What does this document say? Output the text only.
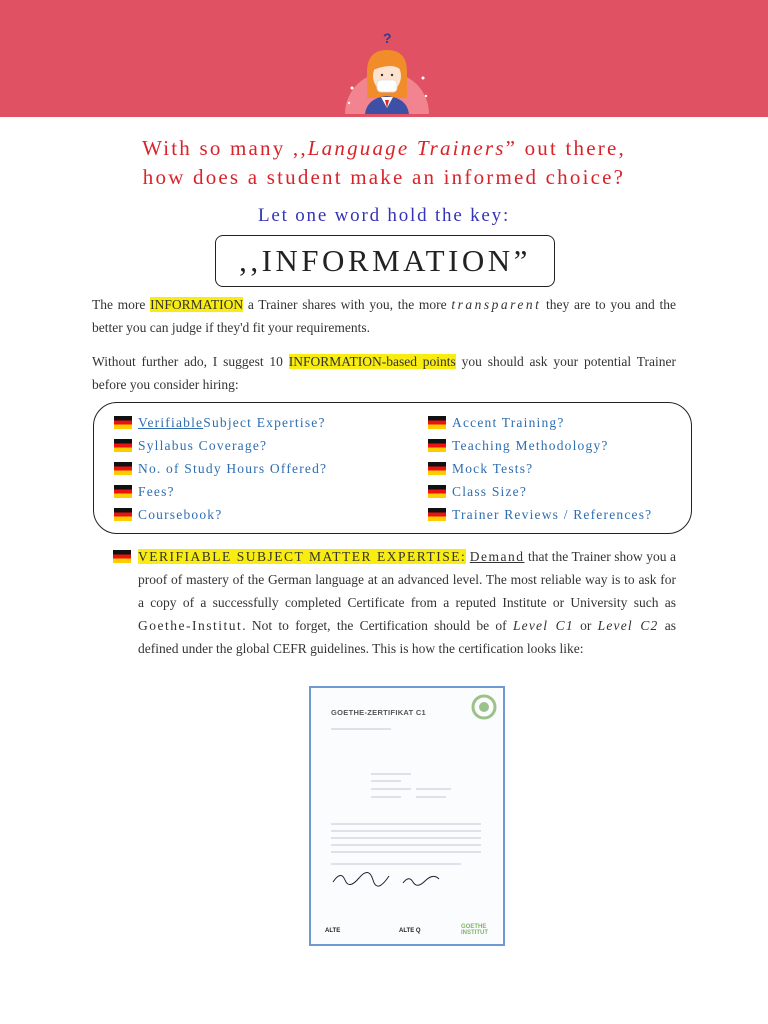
?
With so many ,,Language Trainers” out there,
how does a student make an informed choice?
Let one word hold the key:
,,INFORMATION”
The more INFORMATION a Trainer shares with you, the more transparent they are to you and the better you can judge if they'd fit your requirements.
Without further ado, I suggest 10 INFORMATION-based points you should ask your potential Trainer before you consider hiring:
Verifiable Subject Expertise?
Syllabus Coverage?
No. of Study Hours Offered?
Fees?
Coursebook?
Accent Training?
Teaching Methodology?
Mock Tests?
Class Size?
Trainer Reviews / References?
VERIFIABLE SUBJECT MATTER EXPERTISE: Demand that the Trainer show you a proof of mastery of the German language at an advanced level. The most reliable way is to ask for a copy of a successfully completed Certificate from a reputed Institute or University such as Goethe-Institut. Not to forget, the Certification should be of Level C1 or Level C2 as defined under the global CEFR guidelines. This is how the certification looks like:
GOETHE-ZERTIFIKAT C1
ALTE	ALTE Q
GOETHE INSTITUT
